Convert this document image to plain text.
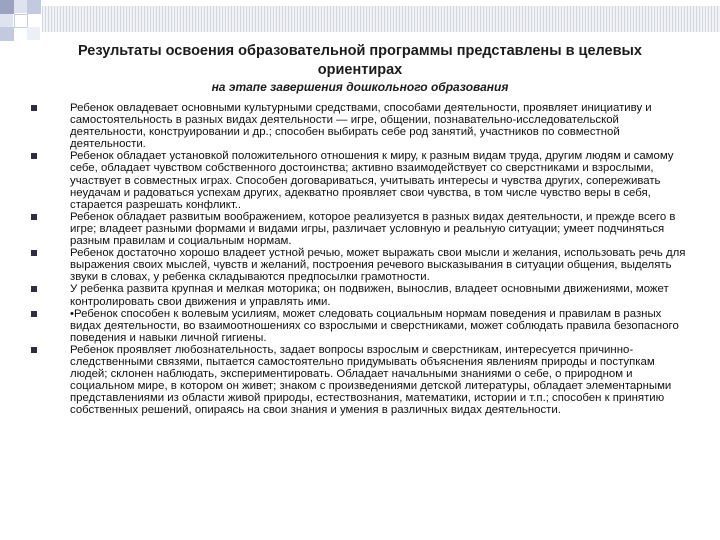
Результаты освоения образовательной программы представлены в целевых ориентирах
на этапе завершения дошкольного образования
Ребенок овладевает основными культурными средствами, способами деятельности, проявляет инициативу и самостоятельность в разных видах деятельности — игре, общении, познавательно-исследовательской деятельности, конструировании и др.; способен выбирать себе род занятий, участников по совместной деятельности.
Ребенок обладает установкой положительного отношения к миру, к разным видам труда, другим людям и самому себе, обладает чувством собственного достоинства; активно взаимодействует со сверстниками и взрослыми, участвует в совместных играх. Способен договариваться, учитывать интересы и чувства других, сопереживать неудачам и радоваться успехам других, адекватно проявляет свои чувства, в том числе чувство веры в себя, старается разрешать конфликт..
Ребенок обладает развитым воображением, которое реализуется в разных видах деятельности, и прежде всего в игре; владеет разными формами и видами игры, различает условную и реальную ситуации; умеет подчиняться разным правилам и социальным нормам.
Ребенок достаточно хорошо владеет устной речью, может выражать свои мысли и желания, использовать речь для выражения своих мыслей, чувств и желаний, построения речевого высказывания в ситуации общения, выделять звуки в словах, у ребенка складываются предпосылки грамотности.
У ребенка развита крупная и мелкая моторика; он подвижен, вынослив, владеет основными движениями, может контролировать свои движения и управлять ими.
•Ребенок способен к волевым усилиям, может следовать социальным нормам поведения и правилам в разных видах деятельности, во взаимоотношениях со взрослыми и сверстниками, может соблюдать правила безопасного поведения и навыки личной гигиены.
Ребенок проявляет любознательность, задает вопросы взрослым и сверстникам, интересуется причинно-следственными связями, пытается самостоятельно придумывать объяснения явлениям природы и поступкам людей; склонен наблюдать, экспериментировать. Обладает начальными знаниями о себе, о природном и социальном мире, в котором он живет; знаком с произведениями детской литературы, обладает элементарными представлениями из области живой природы, естествознания, математики, истории и т.п.; способен к принятию собственных решений, опираясь на свои знания и умения в различных видах деятельности.
